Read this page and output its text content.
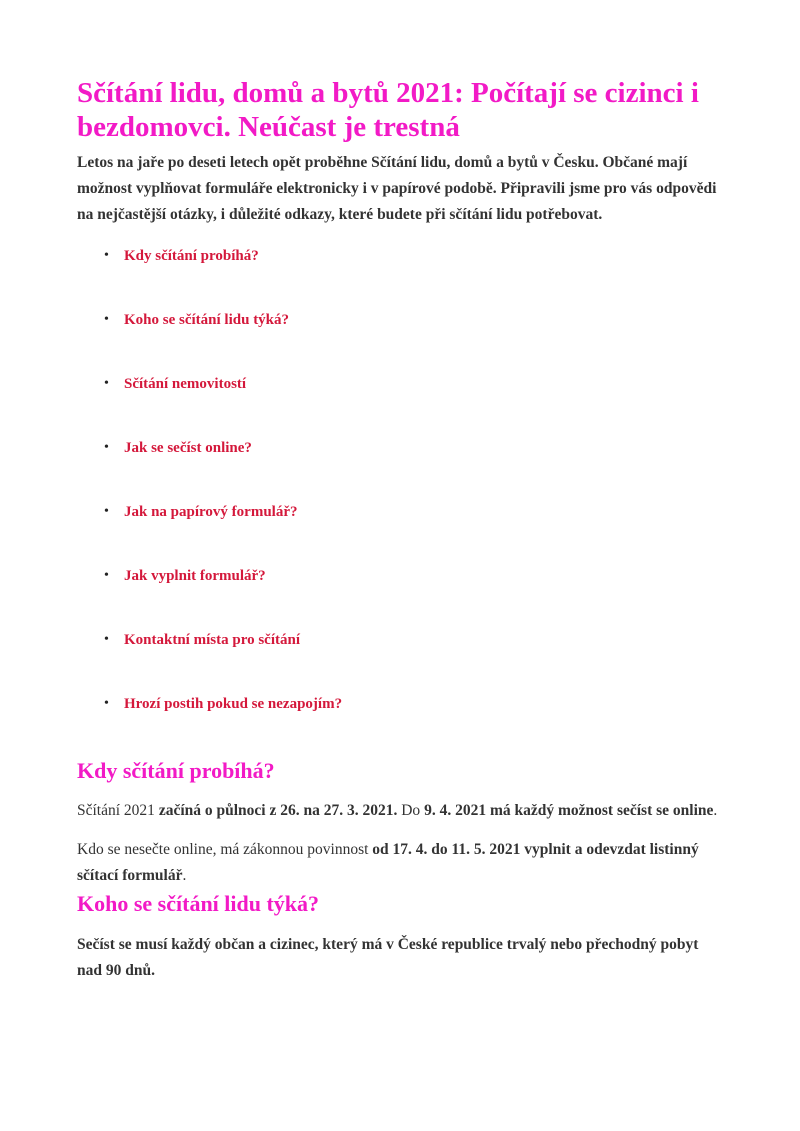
Sčítání lidu, domů a bytů 2021: Počítají se cizinci i bezdomovci. Neúčast je trestná

Letos na jaře po deseti letech opět proběhne Sčítání lidu, domů a bytů v Česku. Občané mají možnost vyplňovat formuláře elektronicky i v papírové podobě. Připravili jsme pro vás odpovědi na nejčastější otázky, i důležité odkazy, které budete při sčítání lidu potřebovat.

• Kdy sčítání probíhá?
• Koho se sčítání lidu týká?
• Sčítání nemovitostí
• Jak se sečíst online?
• Jak na papírový formulář?
• Jak vyplnit formulář?
• Kontaktní místa pro sčítání
• Hrozí postih pokud se nezapojím?
Kdy sčítání probíhá?

Sčítání 2021 začíná o půlnoci z 26. na 27. 3. 2021. Do 9. 4. 2021 má každý možnost sečíst se online.

Kdo se nesečte online, má zákonnou povinnost od 17. 4. do 11. 5. 2021 vyplnit a odevzdat listinný sčítací formulář.

Koho se sčítání lidu týká?

Sečíst se musí každý občan a cizinec, který má v České republice trvalý nebo přechodný pobyt nad 90 dnů.
